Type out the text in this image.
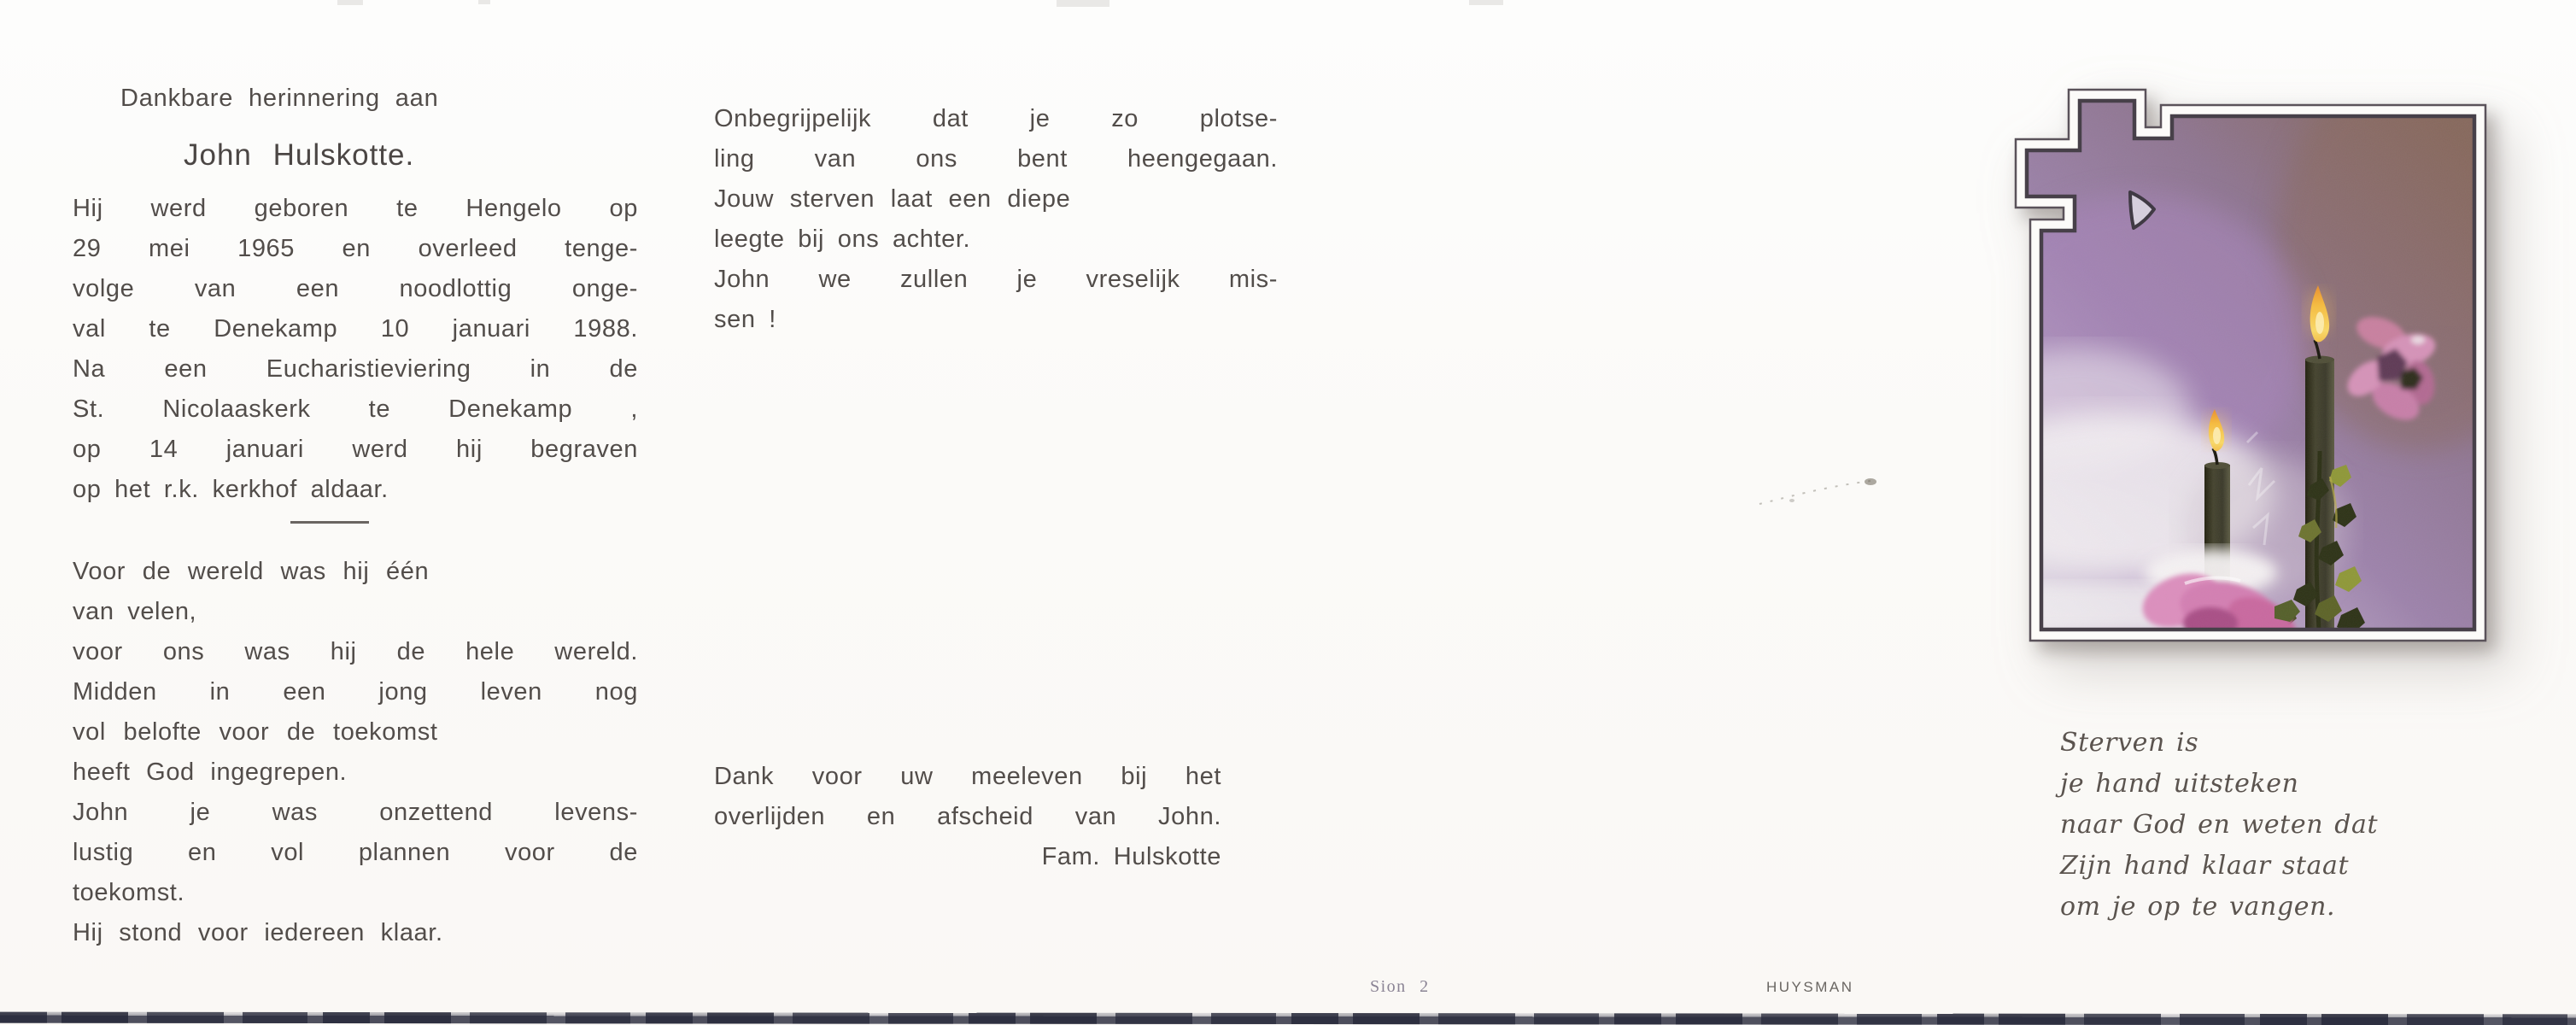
Dankbare herinnering aan
John Hulskotte.
Hij werd geboren te Hengelo op
29 mei 1965 en overleed tenge-
volge van een noodlottig onge-
val te Denekamp 10 januari 1988.
Na een Eucharistieviering in de
St. Nicolaaskerk te Denekamp ,
op 14 januari werd hij begraven
op het r.k. kerkhof aldaar.
Voor de wereld was hij één
van velen,
voor ons was hij de hele wereld.
Midden in een jong leven nog
vol belofte voor de toekomst
heeft God ingegrepen.
John je was onzettend levens-
lustig en vol plannen voor de
toekomst.
Hij stond voor iedereen klaar.
Onbegrijpelijk dat je zo plotse-
ling van ons bent heengegaan.
Jouw sterven laat een diepe
leegte bij ons achter.
John we zullen je vreselijk mis-
sen !
Dank voor uw meeleven bij het
overlijden en afscheid van John.
Fam. Hulskotte
Sterven is
je hand uitsteken
naar God en weten dat
Zijn hand klaar staat
om je op te vangen.
Sion 2	HUYSMAN
